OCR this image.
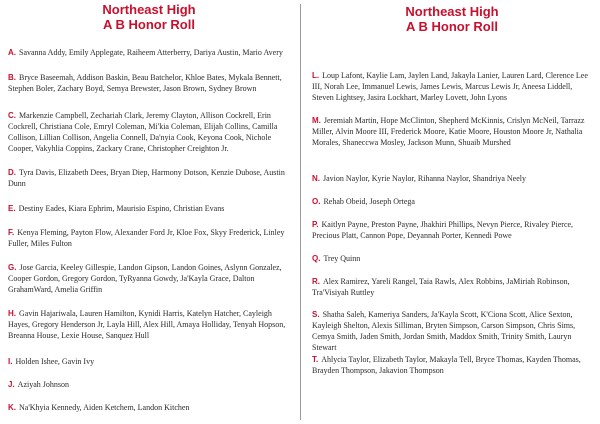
Northeast High
A B Honor Roll
A. Savanna Addy, Emily Applegate, Raiheem Atterberry, Dariya Austin, Mario Avery
B. Bryce Baseemah, Addison Baskin, Beau Batchelor, Khloe Bates, Mykala Bennett, Stephen Boler, Zachary Boyd, Semya Brewster, Jason Brown, Sydney Brown
C. Markenzie Campbell, Zechariah Clark, Jeremy Clayton, Allison Cockrell, Erin Cockrell, Christiana Cole, Emryl Coleman, Mi'kia Coleman, Elijah Collins, Camilla Collison, Lillian Collison, Angelia Connell, Da'nyia Cook, Keyona Cook, Nichole Cooper, Vakyhlia Coppins, Zackary Crane, Christopher Creighton Jr.
D. Tyra Davis, Elizabeth Dees, Bryan Diep, Harmony Dotson, Kenzie Dubose, Austin Dunn
E. Destiny Eades, Kiara Ephrim, Maurisio Espino, Christian Evans
F. Kenya Fleming, Payton Flow, Alexander Ford Jr, Kloe Fox, Skyy Frederick, Linley Fuller, Miles Fulton
G. Jose Garcia, Keeley Gillespie, Landon Gipson, Landon Goines, Aslynn Gonzalez, Cooper Gordon, Gregory Gordon, TyRyanna Gowdy, Ja'Kayla Grace, Dalton GrahamWard, Amelia Griffin
H. Gavin Hajariwala, Lauren Hamilton, Kynidi Harris, Katelyn Hatcher, Cayleigh Hayes, Gregory Henderson Jr, Layla Hill, Alex Hill, Amaya Holliday, Tenyah Hopson, Breanna House, Lexie House, Sanquez Hull
I. Holden Ishee, Gavin Ivy
J. Aziyah Johnson
K. Na'Khyia Kennedy, Aiden Ketchem, Landon Kitchen
Northeast High
A B Honor Roll
L. Loup Lafont, Kaylie Lam, Jaylen Land, Jakayla Lanier, Lauren Lard, Clerence Lee III, Norah Lee, Immanuel Lewis, James Lewis, Marcus Lewis Jr, Aneesa Liddell, Steven Lightsey, Jasira Lockhart, Marley Lovett, John Lyons
M. Jeremiah Martin, Hope McClinton, Shepherd McKinnis, Crislyn McNeil, Tarrazz Miller, Alvin Moore III, Frederick Moore, Katie Moore, Houston Moore Jr, Nathalia Morales, Shaneccwa Mosley, Jackson Munn, Shuaib Murshed
N. Javion Naylor, Kyrie Naylor, Rihanna Naylor, Shandriya Neely
O. Rehab Obeid, Joseph Ortega
P. Kaitlyn Payne, Preston Payne, Jhakhiri Phillips, Nevyn Pierce, Rivaley Pierce, Precious Platt, Cannon Pope, Deyannah Porter, Kennedi Powe
Q. Trey Quinn
R. Alex Ramirez, Yareli Rangel, Taia Rawls, Alex Robbins, JaMiriah Robinson, Tra'Visiyah Ruttley
S. Shatha Saleh, Kameriya Sanders, Ja'Kayla Scott, K'Ciona Scott, Alice Sexton, Kayleigh Shelton, Alexis Silliman, Bryten Simpson, Carson Simpson, Chris Sims, Cemya Smith, Jaden Smith, Jordan Smith, Maddox Smith, Trinity Smith, Lauryn Stewart
T. Ahlycia Taylor, Elizabeth Taylor, Makayla Tell, Bryce Thomas, Kayden Thomas, Brayden Thompson, Jakavion Thompson
